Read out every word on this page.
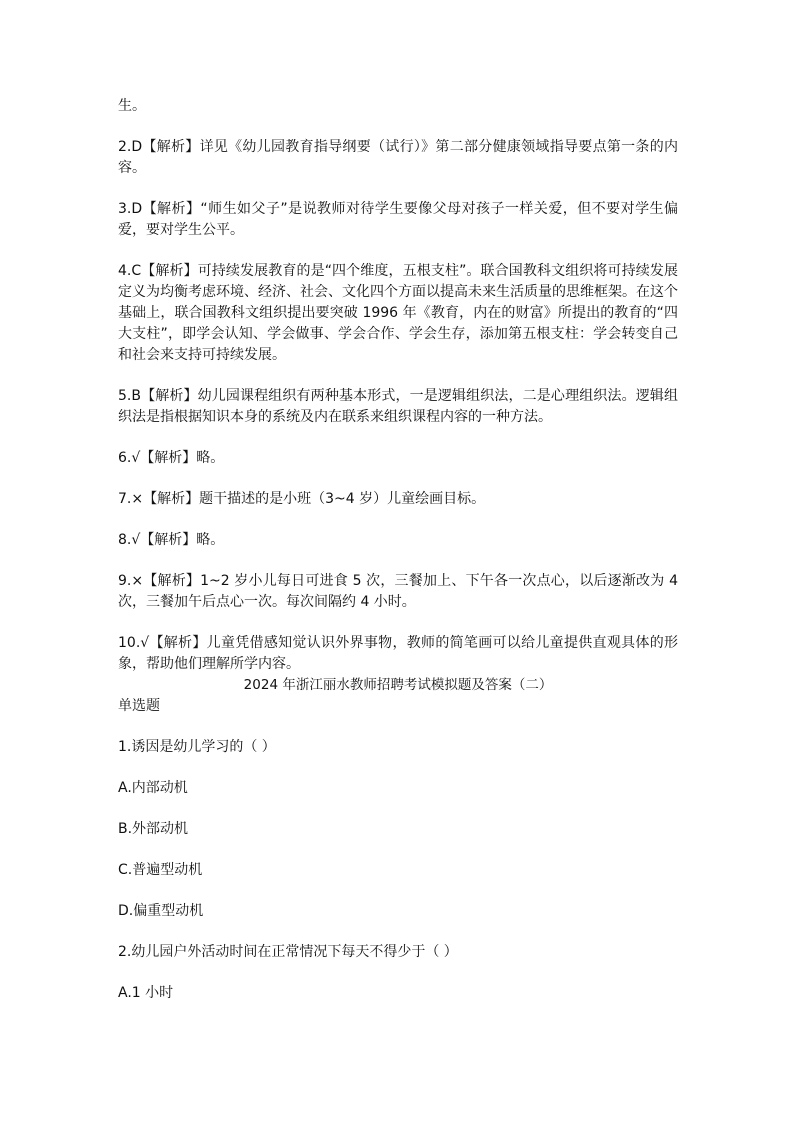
生。

2.D【解析】详见《幼儿园教育指导纲要（试行）》第二部分健康领域指导要点第一条的内容。

3.D【解析】“师生如父子”是说教师对待学生要像父母对孩子一样关爱，但不要对学生偏爱，要对学生公平。

4.C【解析】可持续发展教育的是“四个维度，五根支柱”。联合国教科文组织将可持续发展定义为均衡考虑环境、经济、社会、文化四个方面以提高未来生活质量的思维框架。在这个基础上，联合国教科文组织提出要突破 1996 年《教育，内在的财富》所提出的教育的“四大支柱”，即学会认知、学会做事、学会合作、学会生存，添加第五根支柱：学会转变自己和社会来支持可持续发展。

5.B【解析】幼儿园课程组织有两种基本形式，一是逻辑组织法，二是心理组织法。逻辑组织法是指根据知识本身的系统及内在联系来组织课程内容的一种方法。

6.√【解析】略。

7.×【解析】题干描述的是小班（3~4 岁）儿童绘画目标。

8.√【解析】略。

9.×【解析】1~2 岁小儿每日可进食 5 次，三餐加上、下午各一次点心，以后逐渐改为 4 次，三餐加午后点心一次。每次间隔约 4 小时。

10.√【解析】儿童凭借感知觉认识外界事物，教师的简笔画可以给儿童提供直观具体的形象，帮助他们理解所学内容。

2024 年浙江丽水教师招聘考试模拟题及答案（二）

单选题

1.诱因是幼儿学习的（ ）

A.内部动机

B.外部动机

C.普遍型动机

D.偏重型动机

2.幼儿园户外活动时间在正常情况下每天不得少于（ ）

A.1 小时
